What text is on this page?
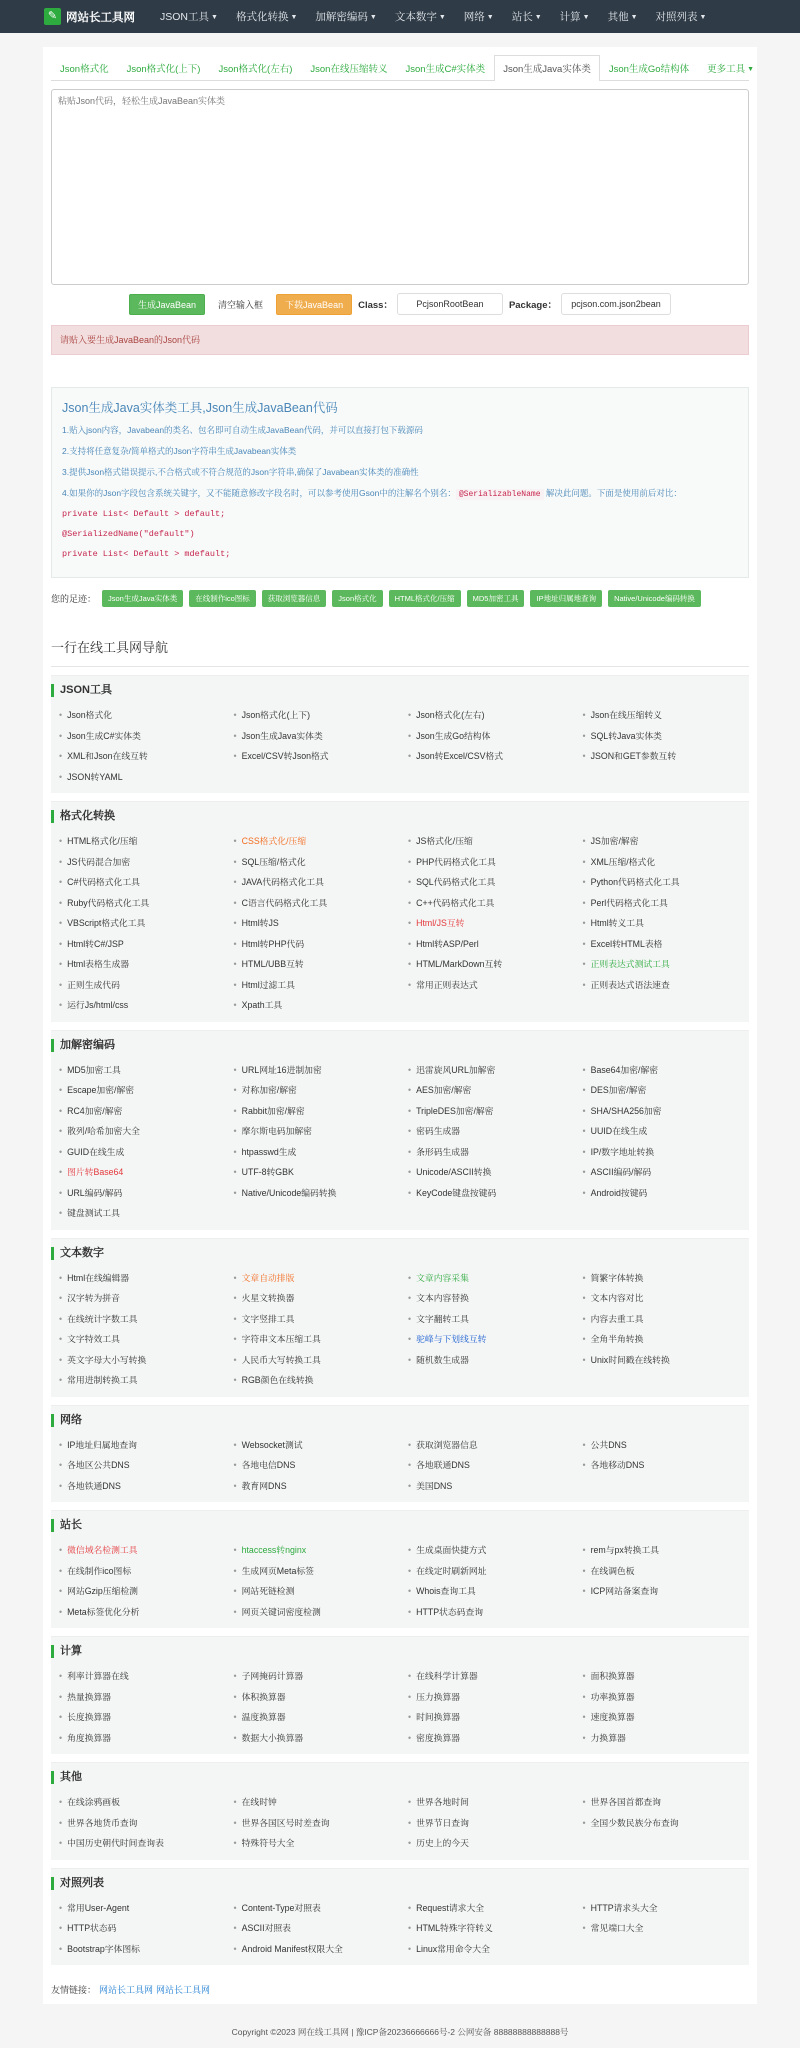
✎ 网站长工具网	JSON工具 ▼	格式化转换 ▼	加解密编码 ▼	文本数字 ▼	网络 ▼	站长 ▼	计算 ▼	其他 ▼	对照列表 ▼
Json格式化	Json格式化(上下)	Json格式化(左右)	Json在线压缩转义	Json生成C#实体类	Json生成Java实体类	Json生成Go结构体	更多工具 ▼
粘贴Json代码，轻松生成JavaBean实体类
生成JavaBean	清空输入框	下载JavaBean	Class：
PcjsonRootBean	Package：
pcjson.com.json2bean
请贴入要生成JavaBean的Json代码
Json生成Java实体类工具,Json生成JavaBean代码
1.贴入json内容，Javabean的类名、包名即可自动生成JavaBean代码，并可以直接打包下载源码
2.支持将任意复杂/简单格式的Json字符串生成Javabean实体类
3.提供Json格式错误提示,不合格式或不符合规范的Json字符串,确保了Javabean实体类的准确性
4.如果你的Json字段包含系统关键字，又不能随意修改字段名时，可以参考使用Gson中的注解名个别名： @SerializableName 解决此问题。下面是使用前后对比：
private List< Default > default;
@SerializedName("default")
private List< Default > mdefault;
您的足迹：	Json生成Java实体类	在线制作ico图标	获取浏览器信息	Json格式化	HTML格式化/压缩	MD5加密工具	IP地址归属地查询	Native/Unicode编码转换
一行在线工具网导航
JSON工具
• Json格式化	• Json格式化(上下)	• Json格式化(左右)	• Json在线压缩转义
• Json生成C#实体类	• Json生成Java实体类	• Json生成Go结构体	• SQL转Java实体类
• XML和Json在线互转	• Excel/CSV转Json格式	• Json转Excel/CSV格式	• JSON和GET参数互转
• JSON转YAML
格式化转换
• HTML格式化/压缩	• CSS格式化/压缩	• JS格式化/压缩	• JS加密/解密
• JS代码混合加密	• SQL压缩/格式化	• PHP代码格式化工具	• XML压缩/格式化
• C#代码格式化工具	• JAVA代码格式化工具	• SQL代码格式化工具	• Python代码格式化工具
• Ruby代码格式化工具	• C语言代码格式化工具	• C++代码格式化工具	• Perl代码格式化工具
• VBScript格式化工具	• Html转JS	• Html/JS互转	• Html转义工具
• Html转C#/JSP	• Html转PHP代码	• Html转ASP/Perl	• Excel转HTML表格
• Html表格生成器	• HTML/UBB互转	• HTML/MarkDown互转	• 正则表达式测试工具
• 正则生成代码	• Html过滤工具	• 常用正则表达式	• 正则表达式语法速查
• 运行Js/html/css	• Xpath工具
加解密编码
• MD5加密工具	• URL网址16进制加密	• 迅雷旋风URL加解密	• Base64加密/解密
• Escape加密/解密	• 对称加密/解密	• AES加密/解密	• DES加密/解密
• RC4加密/解密	• Rabbit加密/解密	• TripleDES加密/解密	• SHA/SHA256加密
• 散列/哈希加密大全	• 摩尔斯电码加解密	• 密码生成器	• UUID在线生成
• GUID在线生成	• htpasswd生成	• 条形码生成器	• IP/数字地址转换
• 图片转Base64	• UTF-8转GBK	• Unicode/ASCII转换	• ASCII编码/解码
• URL编码/解码	• Native/Unicode编码转换	• KeyCode键盘按键码	• Android按键码
• 键盘测试工具
文本数字
• Html在线编辑器	• 文章自动排版	• 文章内容采集	• 简繁字体转换
• 汉字转为拼音	• 火星文转换器	• 文本内容替换	• 文本内容对比
• 在线统计字数工具	• 文字竖排工具	• 文字翻转工具	• 内容去重工具
• 文字特效工具	• 字符串文本压缩工具	• 驼峰与下划线互转	• 全角半角转换
• 英文字母大小写转换	• 人民币大写转换工具	• 随机数生成器	• Unix时间戳在线转换
• 常用进制转换工具	• RGB颜色在线转换
网络
• IP地址归属地查询	• Websocket测试	• 获取浏览器信息	• 公共DNS
• 各地区公共DNS	• 各地电信DNS	• 各地联通DNS	• 各地移动DNS
• 各地铁通DNS	• 教育网DNS	• 美国DNS
站长
• 微信域名检测工具	• htaccess转nginx	• 生成桌面快捷方式	• rem与px转换工具
• 在线制作ico图标	• 生成网页Meta标签	• 在线定时刷新网址	• 在线调色板
• 网站Gzip压缩检测	• 网站死链检测	• Whois查询工具	• ICP网站备案查询
• Meta标签优化分析	• 网页关键词密度检测	• HTTP状态码查询
计算
• 利率计算器在线	• 子网掩码计算器	• 在线科学计算器	• 面积换算器
• 热量换算器	• 体积换算器	• 压力换算器	• 功率换算器
• 长度换算器	• 温度换算器	• 时间换算器	• 速度换算器
• 角度换算器	• 数据大小换算器	• 密度换算器	• 力换算器
其他
• 在线涂鸦画板	• 在线时钟	• 世界各地时间	• 世界各国首都查询
• 世界各地货币查询	• 世界各国区号时差查询	• 世界节日查询	• 全国少数民族分布查询
• 中国历史朝代时间查询表	• 特殊符号大全	• 历史上的今天
对照列表
• 常用User-Agent	• Content-Type对照表	• Request请求大全	• HTTP请求头大全
• HTTP状态码	• ASCII对照表	• HTML特殊字符转义	• 常见端口大全
• Bootstrap字体图标	• Android Manifest权限大全	• Linux常用命令大全
友情链接： 网站长工具网 网站长工具网
Copyright ©2023 网在线工具网 | 豫ICP备20236666666号-2 公网安备 88888888888888号
